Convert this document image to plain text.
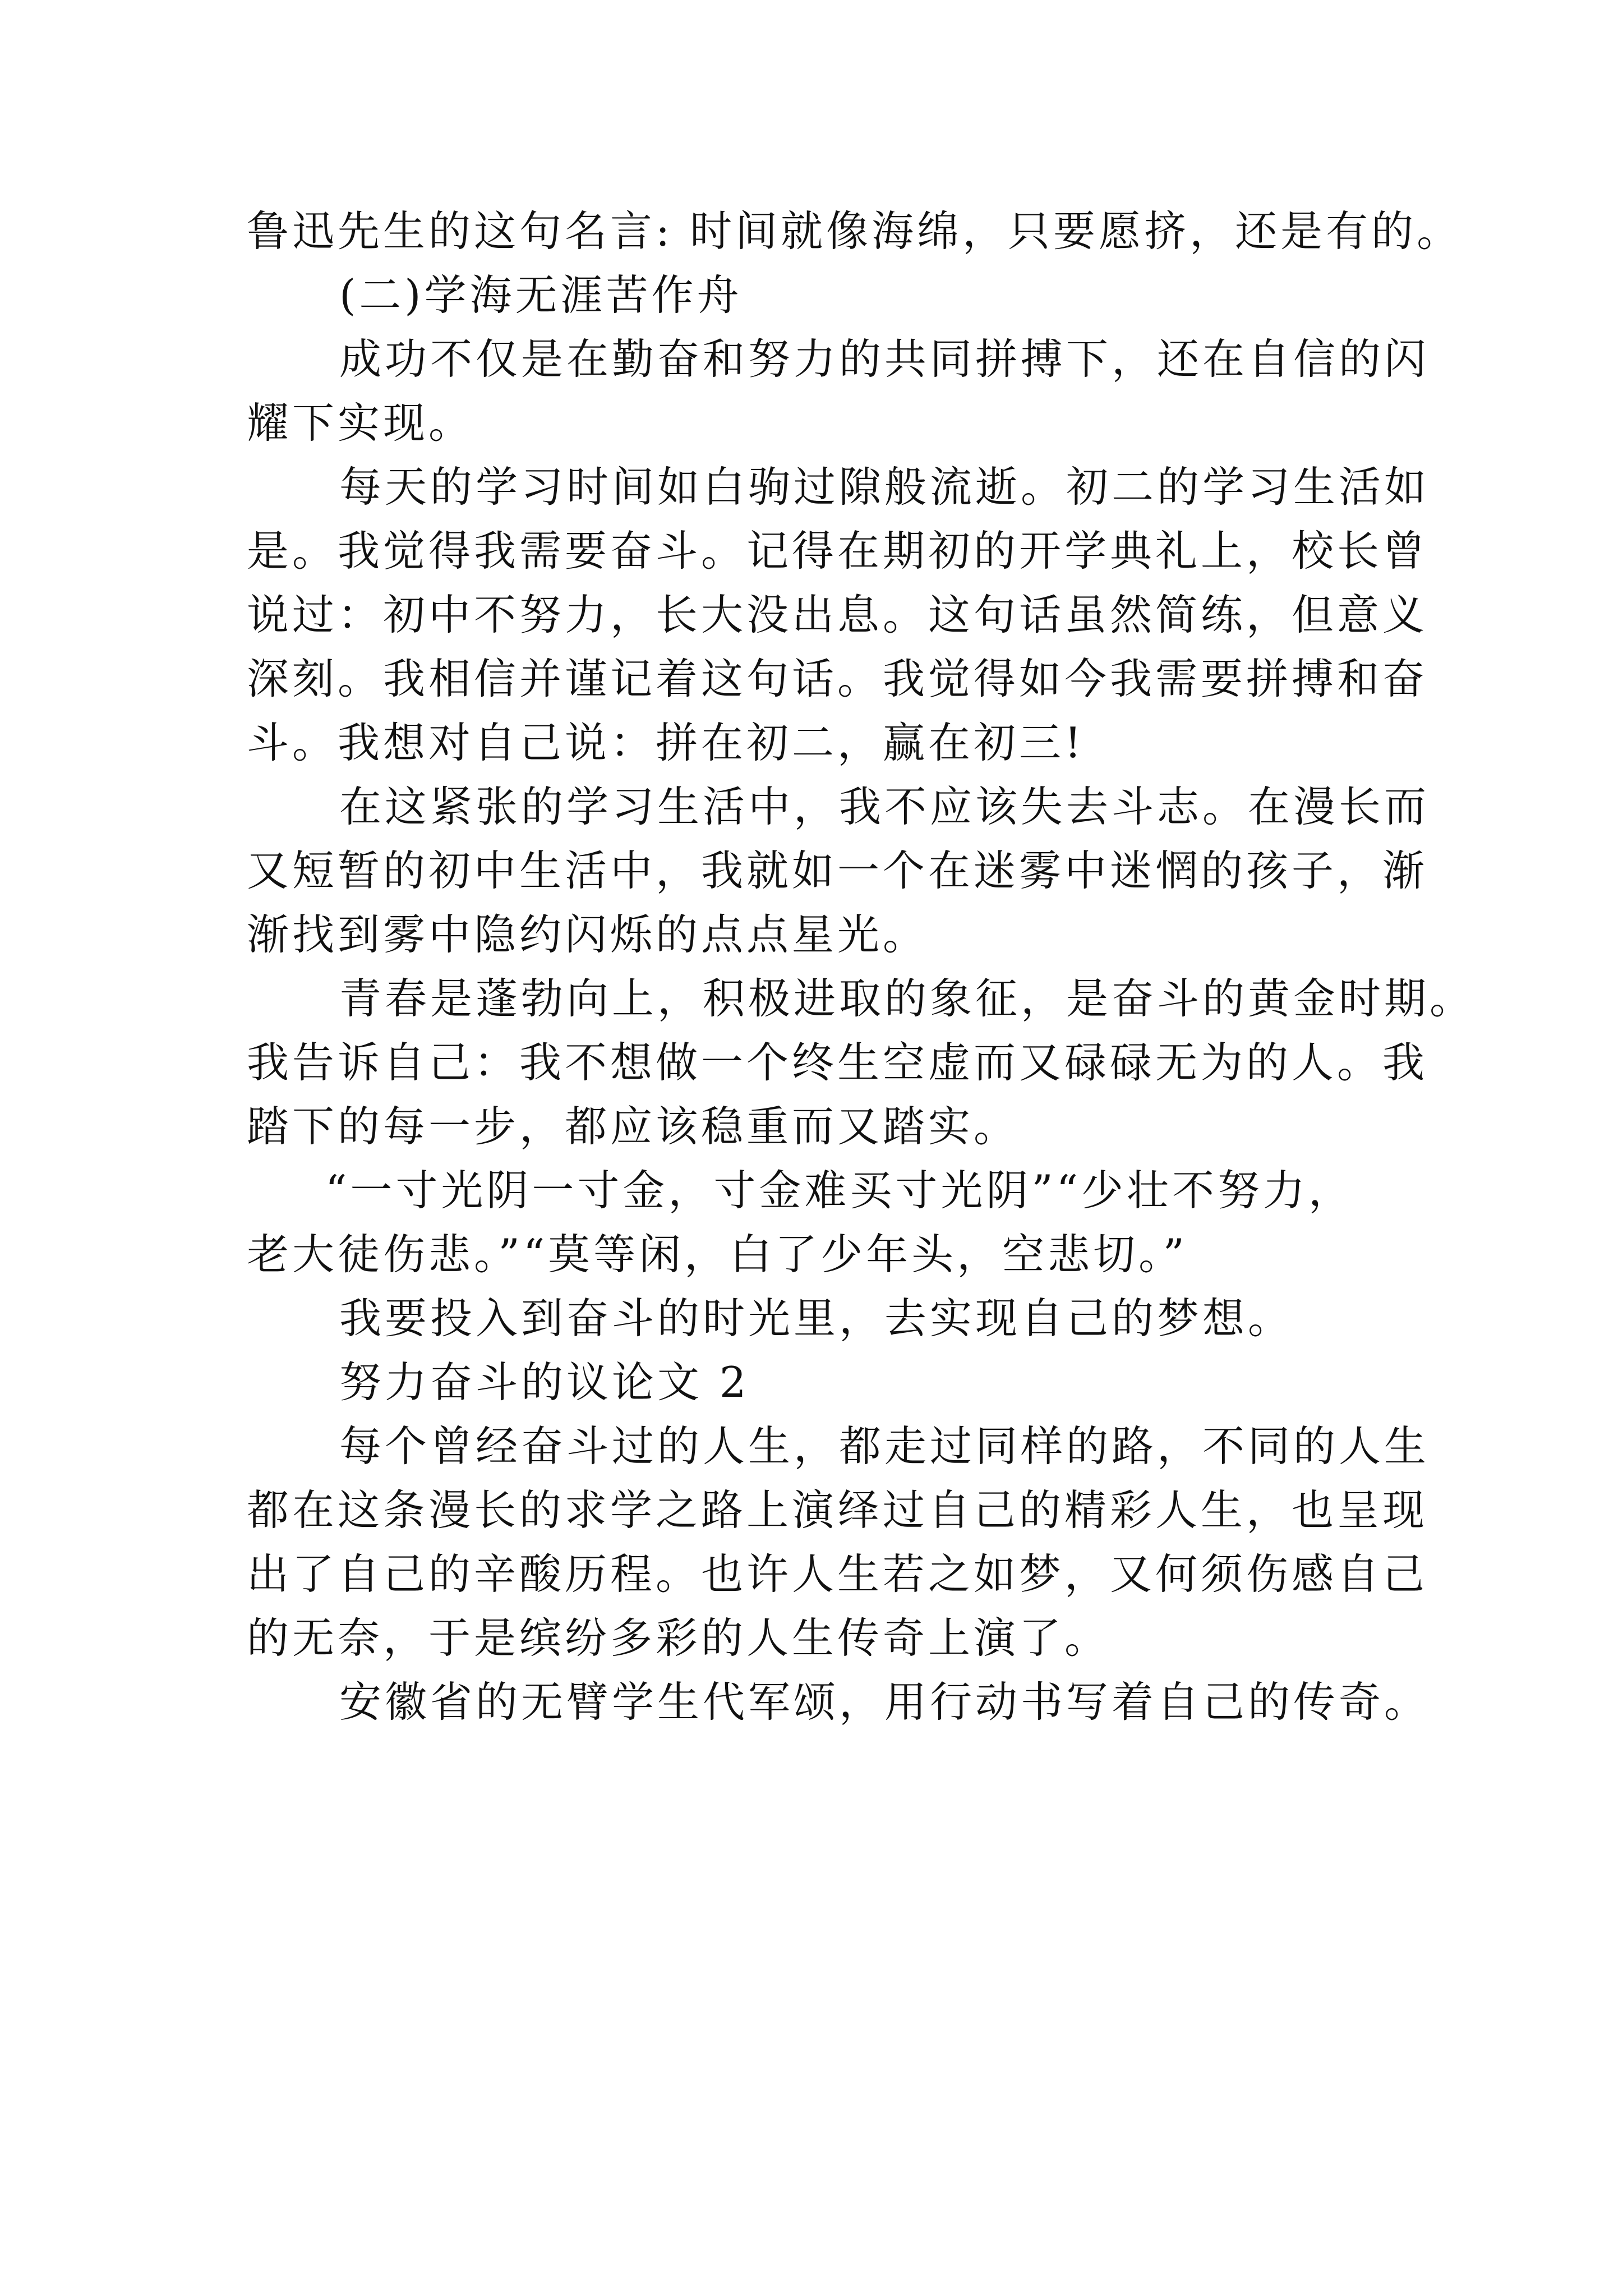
鲁迅先生的这句名言: 时间就像海绵，只要愿挤，还是有的。
(二)学海无涯苦作舟
成功不仅是在勤奋和努力的共同拼搏下，还在自信的闪
耀下实现。
每天的学习时间如白驹过隙般流逝。初二的学习生活如
是。我觉得我需要奋斗。记得在期初的开学典礼上，校长曾
说过：初中不努力，长大没出息。这句话虽然简练，但意义
深刻。我相信并谨记着这句话。我觉得如今我需要拼搏和奋
斗。我想对自己说：拼在初二，赢在初三!
在这紧张的学习生活中，我不应该失去斗志。在漫长而
又短暂的初中生活中，我就如一个在迷雾中迷惘的孩子，渐
渐找到雾中隐约闪烁的点点星光。
青春是蓬勃向上，积极进取的象征，是奋斗的黄金时期。
我告诉自己：我不想做一个终生空虚而又碌碌无为的人。我
踏下的每一步，都应该稳重而又踏实。
“一寸光阴一寸金，寸金难买寸光阴”“少壮不努力，
老大徒伤悲。”“莫等闲，白了少年头，空悲切。”
我要投入到奋斗的时光里，去实现自己的梦想。
努力奋斗的议论文 2
每个曾经奋斗过的人生，都走过同样的路，不同的人生
都在这条漫长的求学之路上演绎过自己的精彩人生，也呈现
出了自己的辛酸历程。也许人生若之如梦，又何须伤感自己
的无奈，于是缤纷多彩的人生传奇上演了。
安徽省的无臂学生代军颂，用行动书写着自己的传奇。
